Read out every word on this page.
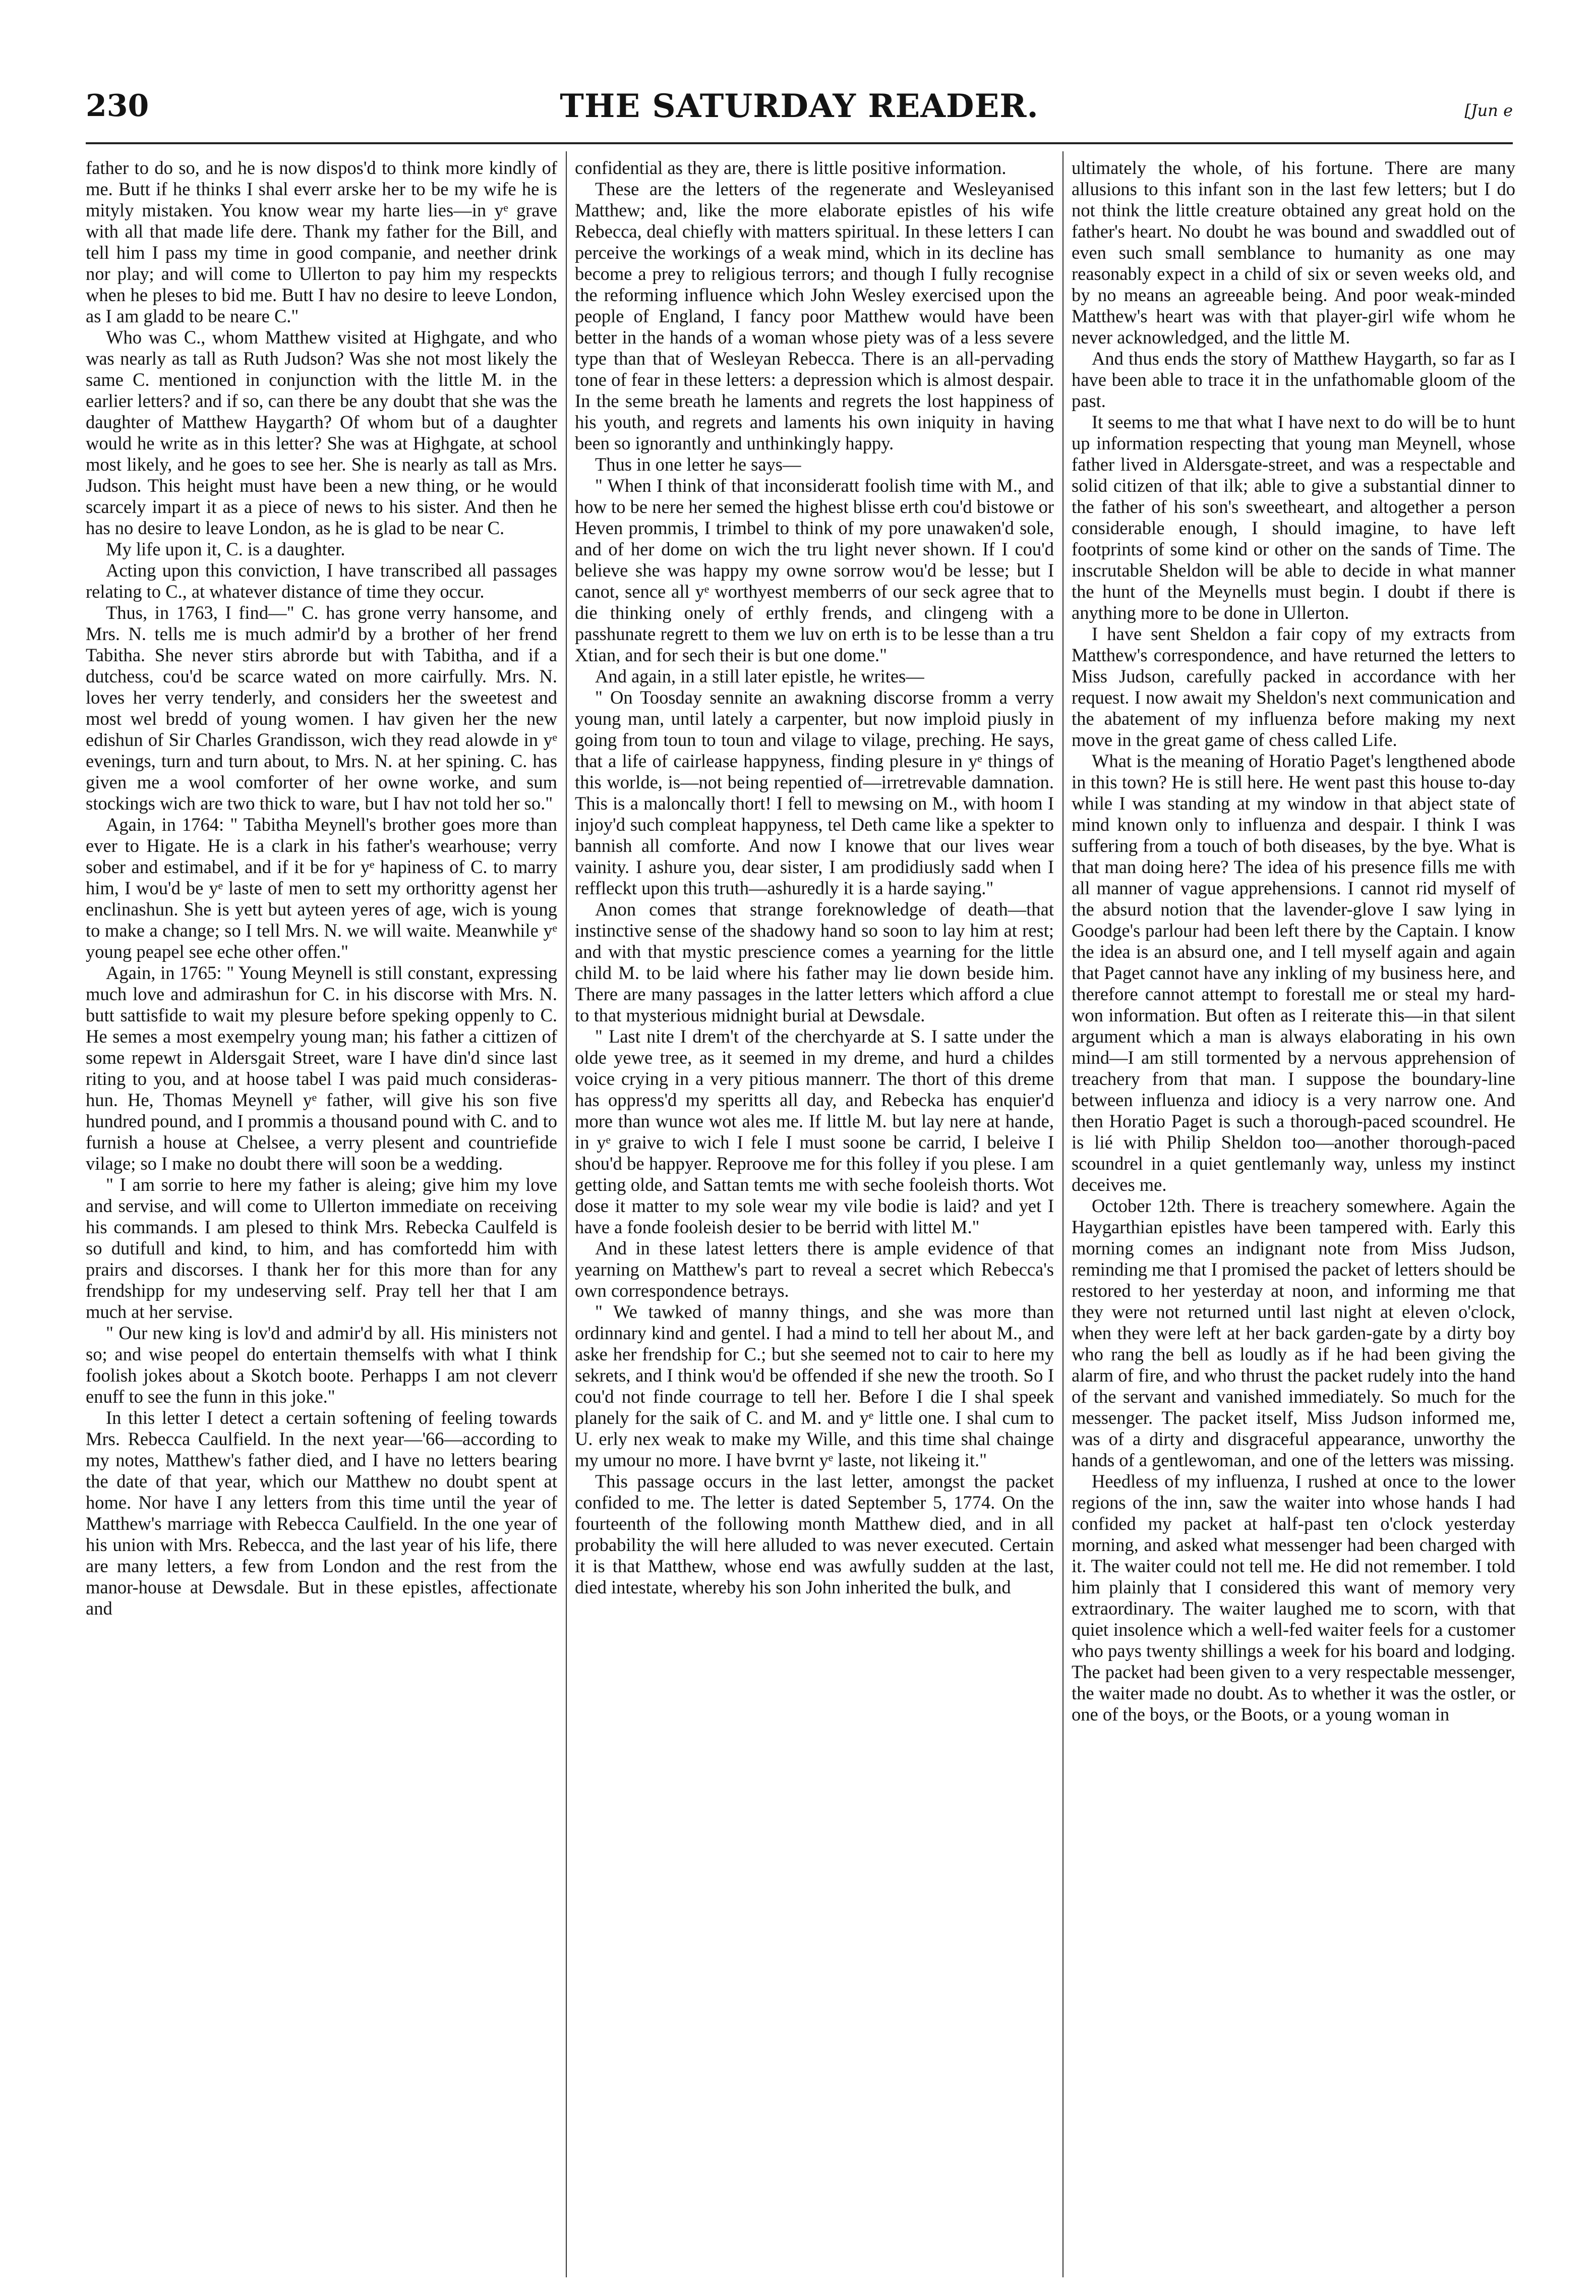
230	THE SATURDAY READER.	[Jun e

father to do so, and he is now dispos'd to think more kindly of me. Butt if he thinks I shal everr arske her to be my wife he is mityly mistaken. You know wear my harte lies—in yᵉ grave with all that made life dere. Thank my father for the Bill, and tell him I pass my time in good companie, and neether drink nor play; and will come to Ullerton to pay him my respeckts when he pleses to bid me. Butt I hav no desire to leeve London, as I am gladd to be neare C."

Who was C., whom Matthew visited at Highgate, and who was nearly as tall as Ruth Judson? Was she not most likely the same C. mentioned in conjunction with the little M. in the earlier letters? and if so, can there be any doubt that she was the daughter of Matthew Haygarth? Of whom but of a daughter would he write as in this letter? She was at Highgate, at school most likely, and he goes to see her. She is nearly as tall as Mrs. Judson. This height must have been a new thing, or he would scarcely impart it as a piece of news to his sister. And then he has no desire to leave London, as he is glad to be near C.

My life upon it, C. is a daughter.

Acting upon this conviction, I have transcribed all passages relating to C., at whatever distance of time they occur.

Thus, in 1763, I find—" C. has grone verry hansome, and Mrs. N. tells me is much admir'd by a brother of her frend Tabitha. She never stirs abrorde but with Tabitha, and if a dutchess, cou'd be scarce wated on more cairfully. Mrs. N. loves her verry tenderly, and considers her the sweetest and most wel bredd of young women. I hav given her the new edishun of Sir Charles Grandisson, wich they read alowde in yᵉ evenings, turn and turn about, to Mrs. N. at her spining. C. has given me a wool comforter of her owne worke, and sum stockings wich are two thick to ware, but I hav not told her so."

Again, in 1764: " Tabitha Meynell's brother goes more than ever to Higate. He is a clark in his father's wearhouse; verry sober and estimabel, and if it be for yᵉ hapiness of C. to marry him, I wou'd be yᵉ laste of men to sett my orthoritty agenst her enclinashun. She is yett but ayteen yeres of age, wich is young to make a change; so I tell Mrs. N. we will waite. Meanwhile yᵉ young peapel see eche other offen."

Again, in 1765: " Young Meynell is still constant, expressing much love and admirashun for C. in his discorse with Mrs. N. butt sattisfide to wait my plesure before speking oppenly to C. He semes a most exempelry young man; his father a cittizen of some repewt in Aldersgait Street, ware I have din'd since last riting to you, and at hoose tabel I was paid much consideras- hun. He, Thomas Meynell yᵉ father, will give his son five hundred pound, and I prommis a thousand pound with C. and to furnish a house at Chelsee, a verry plesent and countriefide vilage; so I make no doubt there will soon be a wedding.

" I am sorrie to here my father is aleing; give him my love and servise, and will come to Ullerton immediate on receiving his commands. I am plesed to think Mrs. Rebecka Caulfeld is so dutifull and kind, to him, and has comfortedd him with prairs and discorses. I thank her for this more than for any frendshipp for my undeserving self. Pray tell her that I am much at her servise.

" Our new king is lov'd and admir'd by all. His ministers not so; and wise peopel do entertain themselfs with what I think foolish jokes about a Skotch boote. Perhapps I am not cleverr enuff to see the funn in this joke."

In this letter I detect a certain softening of feeling towards Mrs. Rebecca Caulfield. In the next year—'66—according to my notes, Matthew's father died, and I have no letters bearing the date of that year, which our Matthew no doubt spent at home. Nor have I any letters from this time until the year of Matthew's marriage with Rebecca Caulfield. In the one year of his union with Mrs. Rebecca, and the last year of his life, there are many letters, a few from London and the rest from the manor-house at Dewsdale. But in these epistles, affectionate and

confidential as they are, there is little positive information.

These are the letters of the regenerate and Wesleyanised Matthew; and, like the more elaborate epistles of his wife Rebecca, deal chiefly with matters spiritual. In these letters I can perceive the workings of a weak mind, which in its decline has become a prey to religious terrors; and though I fully recognise the reforming influence which John Wesley exercised upon the people of England, I fancy poor Matthew would have been better in the hands of a woman whose piety was of a less severe type than that of Wesleyan Rebecca. There is an all-pervading tone of fear in these letters: a depression which is almost despair. In the seme breath he laments and regrets the lost happiness of his youth, and regrets and laments his own iniquity in having been so ignorantly and unthinkingly happy.

Thus in one letter he says—

" When I think of that inconsideratt foolish time with M., and how to be nere her semed the highest blisse erth cou'd bistowe or Heven prommis, I trimbel to think of my pore unawaken'd sole, and of her dome on wich the tru light never shown. If I cou'd believe she was happy my owne sorrow wou'd be lesse; but I canot, sence all yᵉ worthyest memberrs of our seck agree that to die thinking onely of erthly frends, and clingeng with a passhunate regrett to them we luv on erth is to be lesse than a tru Xtian, and for sech their is but one dome."

And again, in a still later epistle, he writes—

" On Toosday sennite an awakning discorse fromm a verry young man, until lately a carpenter, but now imploid piusly in going from toun to toun and vilage to vilage, preching. He says, that a life of cairlease happyness, finding plesure in yᵉ things of this worlde, is—not being repentied of—irretrevable damnation. This is a maloncally thort! I fell to mewsing on M., with hoom I injoy'd such compleat happyness, tel Deth came like a spekter to bannish all comforte. And now I knowe that our lives wear vainity. I ashure you, dear sister, I am prodidiusly sadd when I reffleckt upon this truth—ashuredly it is a harde saying."

Anon comes that strange foreknowledge of death—that instinctive sense of the shadowy hand so soon to lay him at rest; and with that mystic prescience comes a yearning for the little child M. to be laid where his father may lie down beside him. There are many passages in the latter letters which afford a clue to that mysterious midnight burial at Dewsdale.

" Last nite I drem't of the cherchyarde at S. I satte under the olde yewe tree, as it seemed in my dreme, and hurd a childes voice crying in a very pitious mannerr. The thort of this dreme has oppress'd my speritts all day, and Rebecka has enquier'd more than wunce wot ales me. If little M. but lay nere at hande, in yᵉ graive to wich I fele I must soone be carrid, I beleive I shou'd be happyer. Reproove me for this folley if you plese. I am getting olde, and Sattan temts me with seche fooleish thorts. Wot dose it matter to my sole wear my vile bodie is laid? and yet I have a fonde fooleish desier to be berrid with littel M."

And in these latest letters there is ample evidence of that yearning on Matthew's part to reveal a secret which Rebecca's own correspondence betrays.

" We tawked of manny things, and she was more than ordinnary kind and gentel. I had a mind to tell her about M., and aske her frendship for C.; but she seemed not to cair to here my sekrets, and I think wou'd be offended if she new the trooth. So I cou'd not finde courrage to tell her. Before I die I shal speek planely for the saik of C. and M. and yᵉ little one. I shal cum to U. erly nex weak to make my Wille, and this time shal chainge my umour no more. I have bvrnt yᵉ laste, not likeing it."

This passage occurs in the last letter, amongst the packet confided to me. The letter is dated September 5, 1774. On the fourteenth of the following month Matthew died, and in all probability the will here alluded to was never executed. Certain it is that Matthew, whose end was awfully sudden at the last, died intestate, whereby his son John inherited the bulk, and

ultimately the whole, of his fortune. There are many allusions to this infant son in the last few letters; but I do not think the little creature obtained any great hold on the father's heart. No doubt he was bound and swaddled out of even such small semblance to humanity as one may reasonably expect in a child of six or seven weeks old, and by no means an agreeable being. And poor weak-minded Matthew's heart was with that player-girl wife whom he never acknowledged, and the little M.

And thus ends the story of Matthew Haygarth, so far as I have been able to trace it in the unfathomable gloom of the past.

It seems to me that what I have next to do will be to hunt up information respecting that young man Meynell, whose father lived in Aldersgate-street, and was a respectable and solid citizen of that ilk; able to give a substantial dinner to the father of his son's sweetheart, and altogether a person considerable enough, I should imagine, to have left footprints of some kind or other on the sands of Time. The inscrutable Sheldon will be able to decide in what manner the hunt of the Meynells must begin. I doubt if there is anything more to be done in Ullerton.

I have sent Sheldon a fair copy of my extracts from Matthew's correspondence, and have returned the letters to Miss Judson, carefully packed in accordance with her request. I now await my Sheldon's next communication and the abatement of my influenza before making my next move in the great game of chess called Life.

What is the meaning of Horatio Paget's lengthened abode in this town? He is still here. He went past this house to-day while I was standing at my window in that abject state of mind known only to influenza and despair. I think I was suffering from a touch of both diseases, by the bye. What is that man doing here? The idea of his presence fills me with all manner of vague apprehensions. I cannot rid myself of the absurd notion that the lavender-glove I saw lying in Goodge's parlour had been left there by the Captain. I know the idea is an absurd one, and I tell myself again and again that Paget cannot have any inkling of my business here, and therefore cannot attempt to forestall me or steal my hard-won information. But often as I reiterate this—in that silent argument which a man is always elaborating in his own mind—I am still tormented by a nervous apprehension of treachery from that man. I suppose the boundary-line between influenza and idiocy is a very narrow one. And then Horatio Paget is such a thorough-paced scoundrel. He is lié with Philip Sheldon too—another thorough-paced scoundrel in a quiet gentlemanly way, unless my instinct deceives me.

October 12th. There is treachery somewhere. Again the Haygarthian epistles have been tampered with. Early this morning comes an indignant note from Miss Judson, reminding me that I promised the packet of letters should be restored to her yesterday at noon, and informing me that they were not returned until last night at eleven o'clock, when they were left at her back garden-gate by a dirty boy who rang the bell as loudly as if he had been giving the alarm of fire, and who thrust the packet rudely into the hand of the servant and vanished immediately. So much for the messenger. The packet itself, Miss Judson informed me, was of a dirty and disgraceful appearance, unworthy the hands of a gentlewoman, and one of the letters was missing.

Heedless of my influenza, I rushed at once to the lower regions of the inn, saw the waiter into whose hands I had confided my packet at half-past ten o'clock yesterday morning, and asked what messenger had been charged with it. The waiter could not tell me. He did not remember. I told him plainly that I considered this want of memory very extraordinary. The waiter laughed me to scorn, with that quiet insolence which a well-fed waiter feels for a customer who pays twenty shillings a week for his board and lodging. The packet had been given to a very respectable messenger, the waiter made no doubt. As to whether it was the ostler, or one of the boys, or the Boots, or a young woman in
